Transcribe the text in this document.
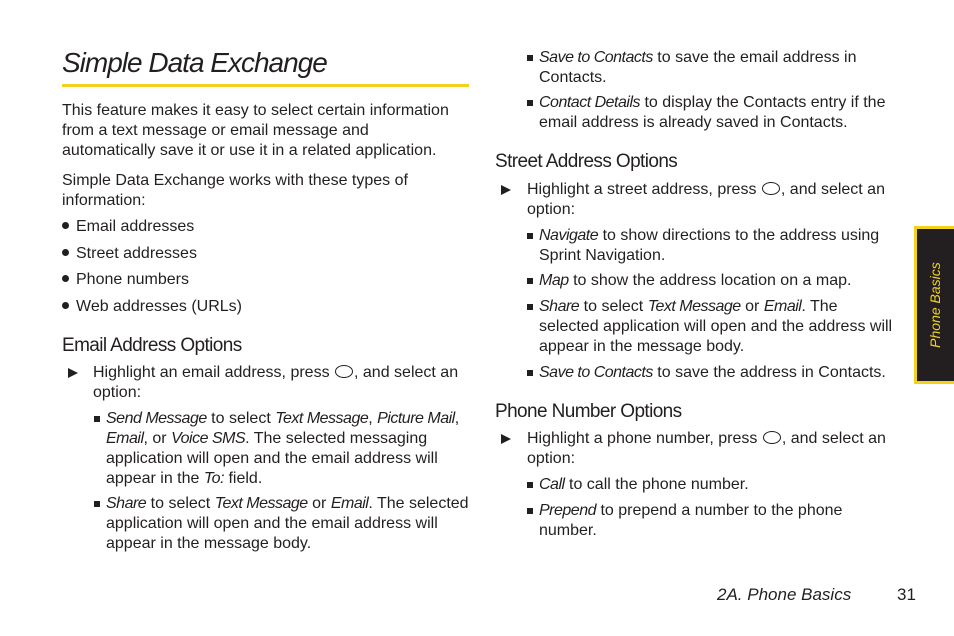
Simple Data Exchange

This feature makes it easy to select certain information from a text message or email message and automatically save it or use it in a related application.

Simple Data Exchange works with these types of information:

Email addresses
Street addresses
Phone numbers
Web addresses (URLs)
Email Address Options
Highlight an email address, press , and select an option:
Send Message to select Text Message, Picture Mail, Email, or Voice SMS. The selected messaging application will open and the email address will appear in the To: field.
Share to select Text Message or Email. The selected application will open and the email address will appear in the message body.
Save to Contacts to save the email address in Contacts.
Contact Details to display the Contacts entry if the email address is already saved in Contacts.
Street Address Options
Highlight a street address, press , and select an option:
Navigate to show directions to the address using Sprint Navigation.
Map to show the address location on a map.
Share to select Text Message or Email. The selected application will open and the address will appear in the message body.
Save to Contacts to save the address in Contacts.
Phone Number Options
Highlight a phone number, press , and select an option:
Call to call the phone number.
Prepend to prepend a number to the phone number.
Phone Basics
2A. Phone Basics	31
